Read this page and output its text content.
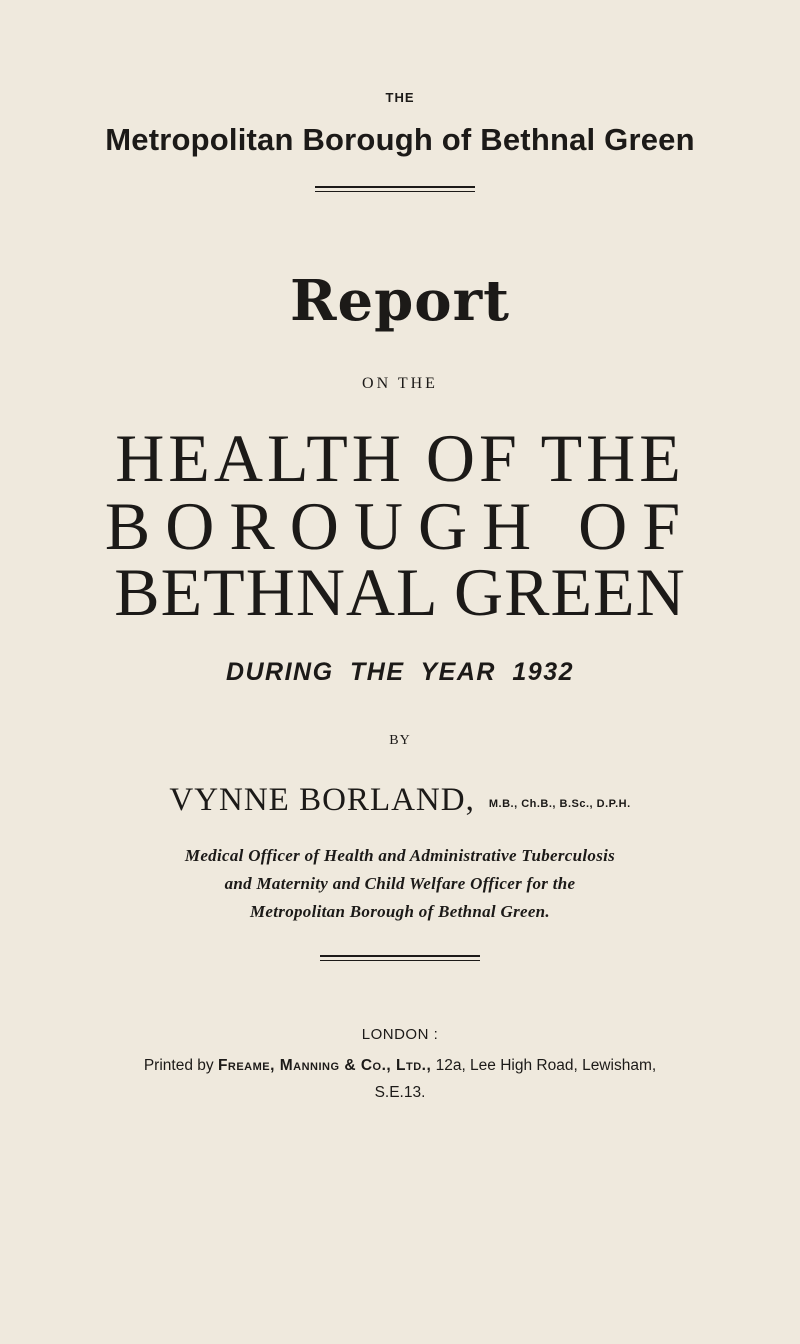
THE
Metropolitan Borough of Bethnal Green
Report
ON THE
HEALTH OF THE
BOROUGH OF
BETHNAL GREEN
DURING THE YEAR 1932
BY
VYNNE BORLAND, M.B., Ch.B., B.Sc., D.P.H.
Medical Officer of Health and Administrative Tuberculosis
and Maternity and Child Welfare Officer for the
Metropolitan Borough of Bethnal Green.
LONDON :
Printed by Freame, Manning & Co., Ltd., 12a, Lee High Road, Lewisham,
S.E.13.
